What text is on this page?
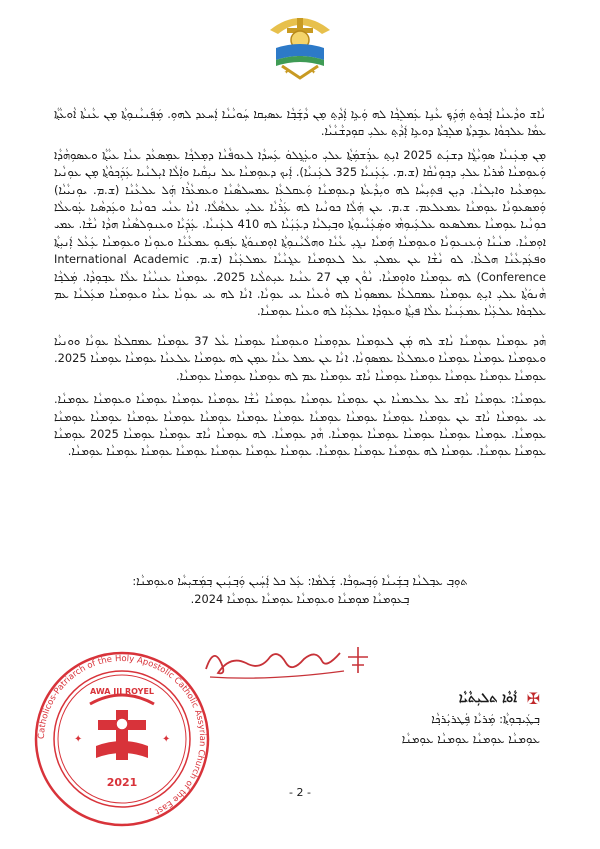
✦	✦

ܢܵܐܫ ܘܕܵܥܢܵܐ ܐܲܟ݂ܘܵܬ݂ ܗܲܕܲܟ݂ ܥܵܢܹܐ ܥܲܡܠܸܟ݂ܵܐ ܠܗ ܘܲܥܹܐ ܐܲܕܵܬ݂ ܡ̣ܢ ܕܵܫܲܒ݂ܵܐ ܥܣܝܼܩܐ ܚܲܘܝܵܢܵܐ ܐܲܚܥܕ ܠܗܘܼ. ܡܲܦܲܢܝܵܢܘܼܬ݂ܵܐ ܡ̣ܢ ܥܵܢܬܵܐ ܐܵܘܥܵܬ݂ܵܐ ܥܡܵܐ ܥܠܟ݂ܘܵܐ ܥܒ݂ܸܕܬܵܐ ܡܠܸܟ݂ܬܵܐ ܕܘܥܹܐ ܐܲܕܵܬ݂ ܥܠܝܼ ܩܘܼܕܫܵܢܵܝܵܐ.

ܡ̣ܢ ܡ̣ܥܲܢܝܵܐ ܣܘܼܝܵܓ݂ܵܐ ܕܫܢܲܬ 2025 ܐܝܼܬ݂ ܥܪܲܫܡܲܬ݂ܵܐ ܥܠܝܼ ܘܥܲܓ݂ܠܘܿ ܥܲܚܕܵܐ ܠܥܘܦܵܢܵܐ ܕܡ̣ܠܟ݂ܵܐ ܥܡ̣ܣܥܵܕ ܥܢܵܐ ܥܝܵܬ݂ܵܐ ܘܥܣܘܼܗܵܕܵܐ ܘܲܥܘܼܡܢܵܐ ܡܵܪܝܵܐ ܥܠܝܼ ܕܟ݂ܘܼܢܵܩܵܐ (ܫ.ܡ. ܥܲܥܲܢܝܵܐ 325 ܠܥܲܢܝܵܐ). ܐܲܝܟ ܕܥܘܼܡܢܵܐ ܥܠ ܢܝܼܩܵܝܐ ܘܐܲܠܵܐ ܐܝܼܠܢܵܝܐ ܥܲܕܲܟ݂ܘܵܬ݂ܵܐ ܡ̣ܢ ܥܘܼܢܵܝܐ ܥܘܼܡܥܵܝܐ ܘܐܝܼܠܢܵܐ. ܕܝܼܢ ܦܬܼܝܼܚܵܐ ܠܗ ܘܝܼܕܵܥܬܵܐ ܕܥܘܼܡܢܵܐ ܘܲܥܩܠܥܵܐ ܥܡܚܠܣܵܢܵܐ ܘܥܡܥܵܪܵܐ ܗܲܠ ܥܠܥܵܢܵܐ (ܫ.ܡ. ܝܘܼܢܝܵܝܵܐ) ܘܲܡܣܥܘܼܢܵܐ ܥܘܼܡܢܵܐ ܥܡܥܠܥܡ. ܫ.ܡ. ܥܢ ܗܲܠܵܐ ܟܘܢܵܝܐ ܠܗ ܥܲܪܵܝܵܐ ܥܠܝܼ ܥܠܣܵܠܵܐ. ܐܢܵܐ ܥܢܵܝ ܟܘܢܵܝܐ ܘܥܲܕܣܵܝܐ ܥܲܘܥܠܵܐ ܟܘܼܢܵܝܐ ܥܘܼܡܢܵܐ ܥܡܠܣܥܘ ܥܠܥܲܝܘܼܗܵܝ ܘܣܲܥܲܢܵܝܘܼܬ݂ܵܐ ܘܒ݂ܝܼܠܝܵܐ ܕܥܲܢܲܝܵܐ ܠܗ 410 ܠܥܲܢܝܵܐ. ܥܲܕܲܝܵܐ ܘܥܢܘܼܠܣܵܢܵܐ ܗܕܵܐ ܢܵܫܵܐ. ܥܡܝ ܐܘܼܡܢܵܐ. ܡܢܵܢܵܐ ܘܲܥܢܥܘܼܢܵܐ ܘܥܘܼܡܢܵܐ ܗܲܡܝܵܐ ܢܓ݂ܝܼ ܥܵܢܵܐ ܘܗܠܵܝܵܢܘܼܬ݂ܵܐ ܐܘܼܡܢܘܿܬ݂ܵܐ ܥܲܦܝܘܼ ܥܡܥܵܢܵܐ ܘܥܘܼܢܵܐ ܘܥܘܼܡܢܵܐ ܥܲܥܵܠ ܐܲܢܝܼܬ݂ܵܐ ܘܦܥܲܕܥܵܢܵܐ ܗܠܥܵܐ. ܠܘ ܢܵܫܵܐ ܥܢ ܥܡܠܝܼ ܥܠ ܠܥܘܼܡܢܵܐ ܥܓ݂ܢܵܝܵܐ ܥܡܠܥܲܢܵܐ (ܫ.ܡ. International Academic Conference) ܠܗ ܥܘܼܡܢܵܐ ܘܐܘܼܡܢܵܐ. ܢܵܘܵܢ ܡ̣ܢ 27 ܥܢܵܝܐ ܥܝܼܬܠܵܝܐ 2025. ܥܘܼܡܢܵܐ ܥܢܝܵܢܵܐ ܥܠܵܐ ܥܒ݂ܘܼܕܵܐ. ܡܲܠܟ݂ܵܐ ܗܵܢܘܿܬ݂ܵܐ ܥܠܝܼ ܐܝܼܬ݂ ܥܘܼܡܢܵܐ ܥܡܩܠܥܵܐ ܥܡܣܘܼܢܵܐ ܠܗ ܘܵܥܢܵܐ ܥܝ ܥܘܼܢܵܐ. ܐܢܵܐ ܠܗ ܥܝ ܥܘܼܢܵܐ ܥܢܵܐ ܘܥܘܼܡܢܵܐ ܡܥܲܠܢܵܐ ܥܡ ܥܠܟ݂ܘܵܐ ܥܠܥܲܝܵܐ ܥܡܥܲܢܝܵܐ ܥܠܵܐ ܦܝܼܬ݂ܵܐ ܘܥܘܼܕܵܐ ܥܠܥܲܝܵܐ ܠܗ ܘܥܢܵܐ ܥܘܼܡܢܵܐ.

ܗܵܕ ܥܘܼܡܢܵܐ ܥܘܼܡܢܵܐ ܢܵܐܫ ܠܗ ܡܲܢ ܠܥܘܼܡܢܵܐ ܥܕܘܼܡܢܵܐ ܘܥܘܼܡܢܵܐ ܥܘܼܡܢܵܐ ܥܵܠ 37 ܥܘܼܡܢܵܐ ܥܡܩܠܥܵܐ ܥܘܼܢܵܐ ܘܘܢܝܵܐ ܘܥܘܼܡܢܵܐ ܥܘܼܡܢܵܐ ܥܘܼܡܢܵܐ ܘܥܡܠܥܵܐ ܥܡܣܘܼܢܵܐ. ܐܢܵܐ ܥܢ ܥܡܠ ܥܢܵܐ ܥܡ̣ܢ ܠܗ ܥܘܼܡܢܵܐ ܥܠܥܢܵܐ ܥܘܼܡܢܵܐ ܥܘܼܡܢܵܐ 2025. ܥܘܼܡܢܵܐ ܥܘܼܡܢܵܐ ܥܘܼܡܢܵܐ ܥܘܼܡܢܵܐ ܥܘܼܡܢܵܐ ܢܵܐܫ ܥܘܼܡܢܵܐ ܥܡ ܠܗ ܥܘܼܡܢܵܐ ܥܘܼܡܢܵܐ ܥܘܼܡܢܵܐ.

ܥܘܼܡܢܵܐ: ܥܘܼܡܢܵܐ ܢܵܐܫ ܥܠ ܥܠܥܡܢܵܐ ܥܢ ܥܘܼܡܢܵܐ ܥܘܼܡܢܵܐ ܥܘܼܡܢܵܐ ܢܵܫܵܐ ܥܘܼܡܢܵܐ ܥܘܼܡܢܵܐ ܥܘܼܡܢܵܐ ܘܥܘܼܡܢܵܐ ܥܘܼܡܢܵܐ. ܥܝ ܥܘܼܡܢܵܐ ܢܵܐܫ ܥܢ ܥܘܼܡܢܵܐ ܥܘܼܡܢܵܐ ܥܘܼܡܢܵܐ ܥܘܼܡܢܵܐ ܥܘܼܡܢܵܐ ܥܘܼܡܢܵܐ ܥܘܼܡܢܵܐ ܥܘܼܡܢܵܐ ܥܘܼܡܢܵܐ ܥܘܼܡܢܵܐ ܥܘܼܡܢܵܐ ܥܘܼܡܢܵܐ. ܥܘܼܡܢܵܐ ܥܘܼܡܢܵܐ ܥܘܼܡܢܵܐ ܥܘܼܡܢܵܐ ܥܘܼܡܢܵܐ. ܗܵܕ ܥܘܼܡܢܵܐ. ܠܗ ܥܘܼܡܢܵܐ ܢܵܐܫ ܥܘܼܡܢܵܐ ܥܘܼܡܢܵܐ 2025 ܥܘܼܡܢܵܐ ܥܘܼܡܢܵܐ ܥܘܼܡܢܵܐ. ܥܘܼܡܢܵܐ ܠܗ ܥܘܼܡܢܵܐ ܥܘܼܡܢܵܐ ܥܘܼܡܢܵܐ. ܥܘܼܡܢܵܐ ܥܘܼܡܢܵܐ ܥܘܼܡܢܵܐ ܥܘܼܡܢܵܐ ܥܘܼܡܢܵܐ ܥܘܼܡܢܵܐ ܥܘܼܡܢܵܐ.

ܬܘܼܒ݂ ܥܒ݂ܠܢܵܐ ܒ݂ܫܲܝܢܵܐ ܘܲܒ݂ܚܘܼܒܵܐ. ܫܲܠܡܵܐ: ܥܲܠ ܟܠ ܐܲܚܲܝܢ ܘܲܒ݂ܢܲܝܢ ܒ݂ܡܲܫܝܼܚܵܐ ܘܥܘܼܡܢܵܐ:
ܒ݂ܥܘܼܡܢܵܐ ܡܘܼܡܢܵܐ ܘܥܘܼܡܢܵܐ ܥܘܼܡܢܵܐ ܥܘܼܡܢܵܐ 2024.
✠ ܐܵܘܵܐ ܬܠܝܼܬܵܝܵܐ
ܒ݂ܛܲܝܒ݂ܘܼܬ݂ܵܐ: ܡܲܪܝܵܐ ܦܲܛܪܝܲܪܟ݂ܵܐ
ܥܘܼܡܢܵܐ ܥܘܼܡܢܵܐ ܥܘܼܡܢܵܐ ܥܘܼܡܢܵܐ
Catholicos-Patriarch of the Holy Apostolic Catholic Assyrian Church of the East
AWA III ROYEL
2021
✦	✦
- 2 -
